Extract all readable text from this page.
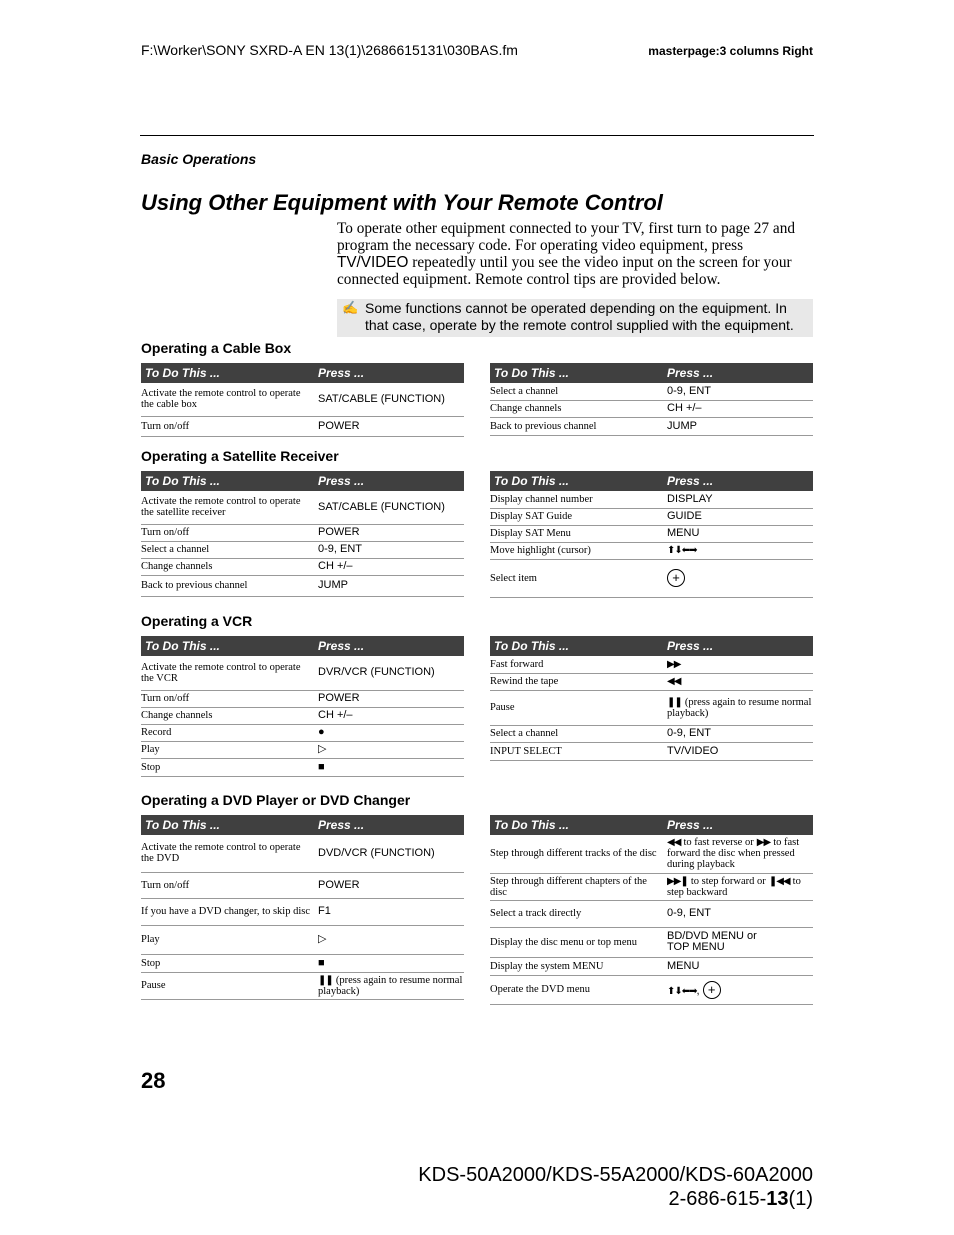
F:\Worker\SONY SXRD-A EN 13(1)\2686615131\030BAS.fm	masterpage:3 columns Right
Basic Operations
Using Other Equipment with Your Remote Control
To operate other equipment connected to your TV, first turn to page 27 and program the necessary code. For operating video equipment, press TV/VIDEO repeatedly until you see the video input on the screen for your connected equipment. Remote control tips are provided below.
✍ Some functions cannot be operated depending on the equipment. In that case, operate by the remote control supplied with the equipment.
Operating a Cable Box
To Do This ...	Press ...
Activate the remote control to operate the cable box	SAT/CABLE (FUNCTION)
Turn on/off	POWER
To Do This ...	Press ...
Select a channel	0-9, ENT
Change channels	CH +/–
Back to previous channel	JUMP
Operating a Satellite Receiver
To Do This ...	Press ...
Activate the remote control to operate the satellite receiver	SAT/CABLE (FUNCTION)
Turn on/off	POWER
Select a channel	0-9, ENT
Change channels	CH +/–
Back to previous channel	JUMP
To Do This ...	Press ...
Display channel number	DISPLAY
Display SAT Guide	GUIDE
Display SAT Menu	MENU
Move highlight (cursor)	⬆⬇⬅➡
Select item	+
Operating a VCR
To Do This ...	Press ...
Activate the remote control to operate the VCR	DVR/VCR (FUNCTION)
Turn on/off	POWER
Change channels	CH +/–
Record	●
Play	▷
Stop	■
To Do This ...	Press ...
Fast forward	▶▶
Rewind the tape	◀◀
Pause	❚❚ (press again to resume normal playback)
Select a channel	0-9, ENT
INPUT SELECT	TV/VIDEO
Operating a DVD Player or DVD Changer
To Do This ...	Press ...
Activate the remote control to operate the DVD	DVD/VCR (FUNCTION)
Turn on/off	POWER
If you have a DVD changer, to skip disc	F1
Play	▷
Stop	■
Pause	❚❚ (press again to resume normal playback)
To Do This ...	Press ...
Step through different tracks of the disc	◀◀ to fast reverse or ▶▶ to fast forward the disc when pressed during playback
Step through different chapters of the disc	▶▶❚ to step forward or ❚◀◀ to step backward
Select a track directly	0-9, ENT
Display the disc menu or top menu	BD/DVD MENU or
TOP MENU
Display the system MENU	MENU
Operate the DVD menu	⬆⬇⬅➡, +
28
KDS-50A2000/KDS-55A2000/KDS-60A2000
2-686-615-13(1)
